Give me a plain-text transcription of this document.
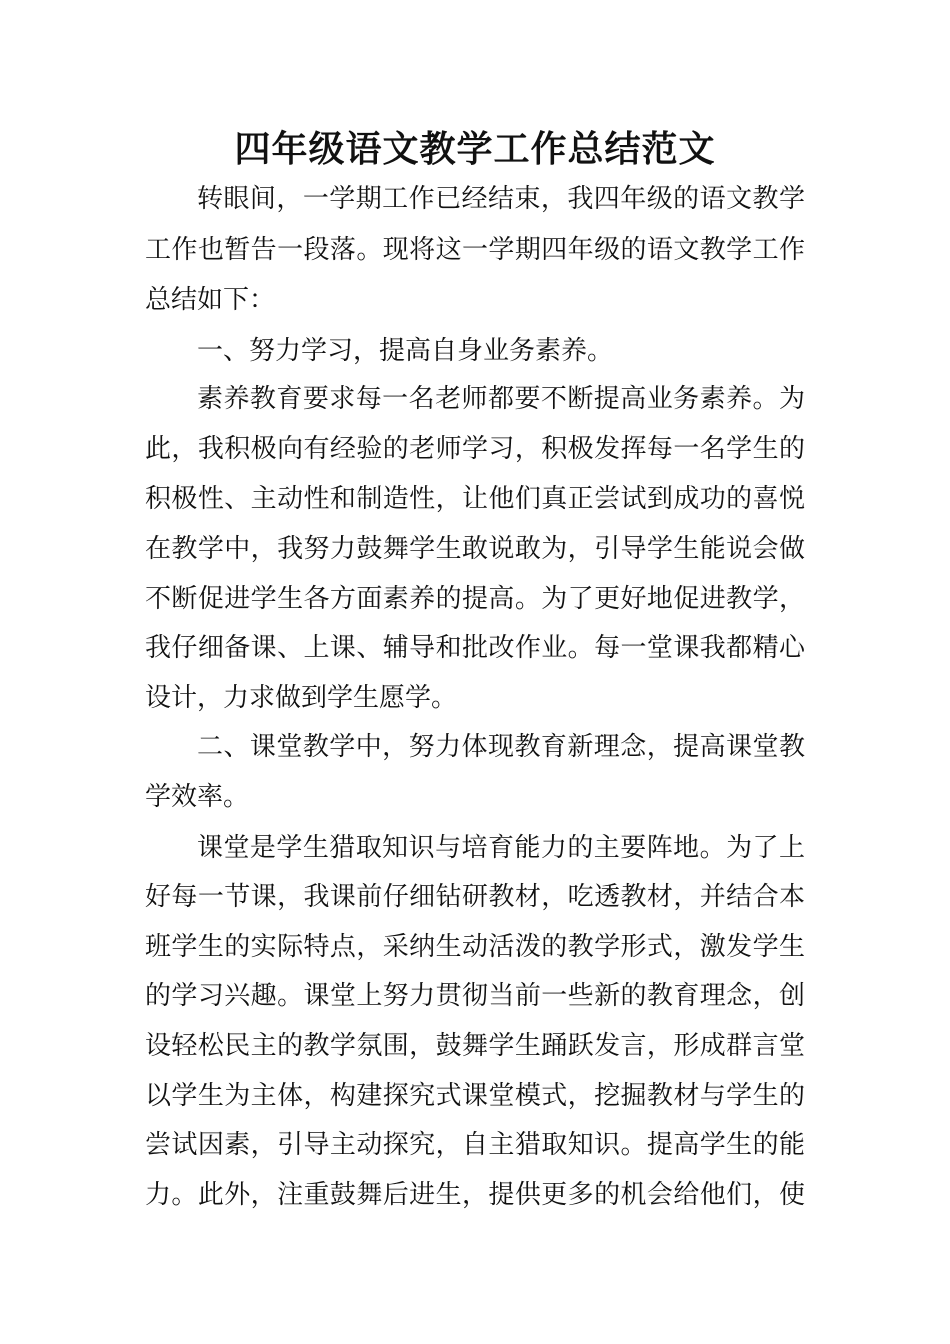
四年级语文教学工作总结范文
转眼间，一学期工作已经结束，我四年级的语文教学
工作也暂告一段落。现将这一学期四年级的语文教学工作
总结如下：
一、努力学习，提高自身业务素养。
素养教育要求每一名老师都要不断提高业务素养。为
此，我积极向有经验的老师学习，积极发挥每一名学生的
积极性、主动性和制造性，让他们真正尝试到成功的喜悦
在教学中，我努力鼓舞学生敢说敢为，引导学生能说会做
不断促进学生各方面素养的提高。为了更好地促进教学，
我仔细备课、上课、辅导和批改作业。每一堂课我都精心
设计，力求做到学生愿学。
二、课堂教学中，努力体现教育新理念，提高课堂教
学效率。
课堂是学生猎取知识与培育能力的主要阵地。为了上
好每一节课，我课前仔细钻研教材，吃透教材，并结合本
班学生的实际特点，采纳生动活泼的教学形式，激发学生
的学习兴趣。课堂上努力贯彻当前一些新的教育理念，创
设轻松民主的教学氛围，鼓舞学生踊跃发言，形成群言堂
以学生为主体，构建探究式课堂模式，挖掘教材与学生的
尝试因素，引导主动探究，自主猎取知识。提高学生的能
力。此外，注重鼓舞后进生，提供更多的机会给他们，使
